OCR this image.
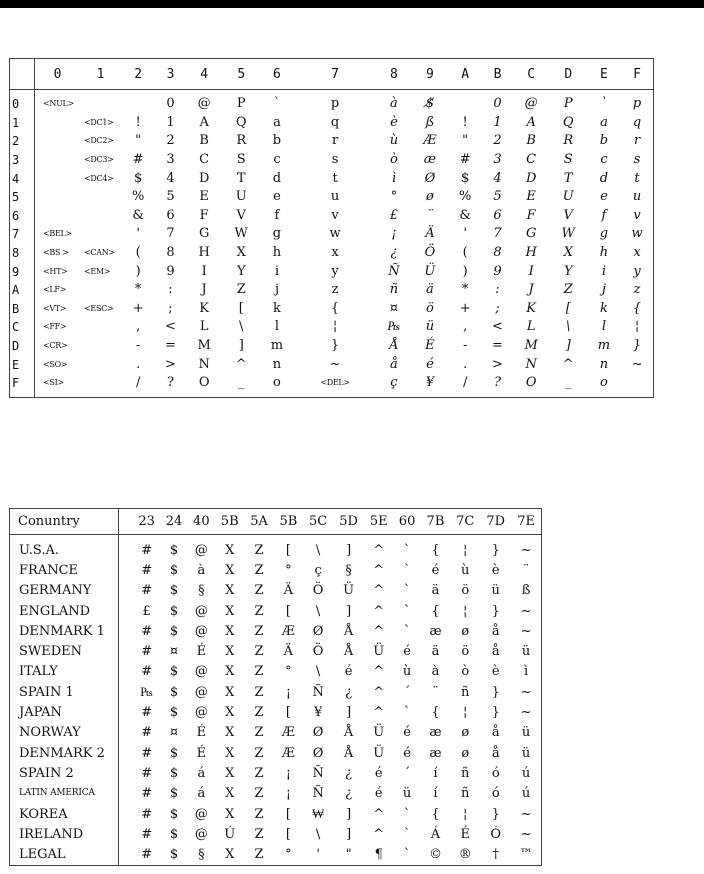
	0	1	2	3	4	5	6	7	8	9	A	B	C	D	E	F
0	<NUL>			0	@	P	`	p	à	$̸		0	@	P	`	p
1		<DC1>	!	1	A	Q	a	q	è	ß	!	1	A	Q	a	q
2		<DC2>	"	2	B	R	b	r	ù	Æ	"	2	B	R	b	r
3		<DC3>	#	3	C	S	c	s	ò	æ	#	3	C	S	c	s
4		<DC4>	$	4	D	T	d	t	ì	Ø	$	4	D	T	d	t
5			%	5	E	U	e	u	°	ø	%	5	E	U	e	u
6			&	6	F	V	f	v	£	¨	&	6	F	V	f	v
7	<BEL>		'	7	G	W	g	w	¡	Ä	'	7	G	W	g	w
8	<BS >	<CAN>	(	8	H	X	h	x	¿	Ö	(	8	H	X	h	x
9	<HT>	<EM>	)	9	I	Y	i	y	Ñ	Ü	)	9	I	Y	i	y
A	<LF>		*	:	J	Z	j	z	ñ	ä	*	:	J	Z	j	z
B	<VT>	<ESC>	+	;	K	[	k	{	¤	ö	+	;	K	[	k	{
C	<FF>		,	<	L	\	l	¦	₧	ü	,	<	L	\	l	¦
D	<CR>		-	=	M	]	m	}	Å	É	-	=	M	]	m	}
E	<SO>		.	>	N	^	n	~	å	é	.	>	N	^	n	~
F	<SI>		/	?	O	_	o	<DEL>	ç	¥	/	?	O	_	o	
Conuntry		23	24	40	5B	5A	5B	5C	5D	5E	60	7B	7C	7D	7E
U.S.A.		#	$	@	X	Z	[	\	]	^	`	{	¦	}	~
FRANCE		#	$	à	X	Z	°	ç	§	^	`	é	ù	è	¨
GERMANY		#	$	§	X	Z	Ä	Ö	Ü	^	`	ä	ö	ü	ß
ENGLAND		£	$	@	X	Z	[	\	]	^	`	{	¦	}	~
DENMARK 1		#	$	@	X	Z	Æ	Ø	Å	^	`	æ	ø	å	~
SWEDEN		#	¤	É	X	Z	Ä	Ö	Å	Ü	é	ä	ö	å	ü
ITALY		#	$	@	X	Z	°	\	é	^	ù	à	ò	è	ì
SPAIN 1		₧	$	@	X	Z	¡	Ñ	¿	^	´	¨	ñ	}	~
JAPAN		#	$	@	X	Z	[	¥	]	^	`	{	¦	}	~
NORWAY		#	¤	É	X	Z	Æ	Ø	Å	Ü	é	æ	ø	å	ü
DENMARK 2		#	$	É	X	Z	Æ	Ø	Å	Ü	é	æ	ø	å	ü
SPAIN 2		#	$	á	X	Z	¡	Ñ	¿	é	´	í	ñ	ó	ú
LATIN AMERICA		#	$	á	X	Z	¡	Ñ	¿	é	ü	í	ñ	ó	ú
KOREA		#	$	@	X	Z	[	₩	]	^	`	{	¦	}	~
IRELAND		#	$	@	Ú	Z	[	\	]	^	`	Á	É	Ó	~
LEGAL		#	$	§	X	Z	°	'	"	¶	`	©	®	†	™
